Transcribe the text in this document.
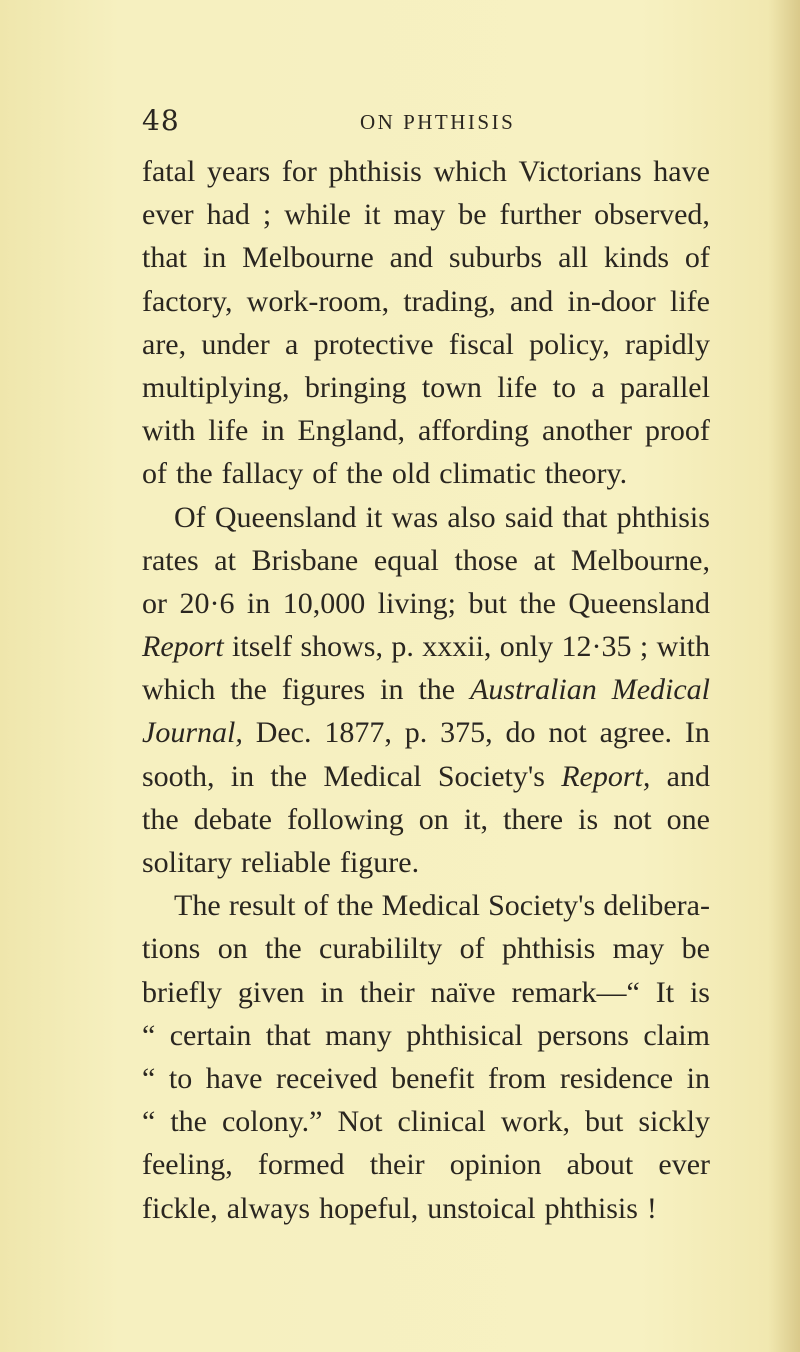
48	ON PHTHISIS
fatal years for phthisis which Victorians have
ever had ; while it may be further observed,
that in Melbourne and suburbs all kinds of
factory, work-room, trading, and in-door life
are, under a protective fiscal policy, rapidly
multiplying, bringing town life to a parallel
with life in England, affording another proof
of the fallacy of the old climatic theory.
Of Queensland it was also said that phthisis
rates at Brisbane equal those at Melbourne,
or 20·6 in 10,000 living; but the Queensland
Report itself shows, p. xxxii, only 12·35 ; with
which the figures in the Australian Medical
Journal, Dec. 1877, p. 375, do not agree. In
sooth, in the Medical Society's Report, and
the debate following on it, there is not one
solitary reliable figure.
The result of the Medical Society's delibera-
tions on the curabililty of phthisis may be
briefly given in their naïve remark—“ It is
“ certain that many phthisical persons claim
“ to have received benefit from residence in
“ the colony.” Not clinical work, but sickly
feeling, formed their opinion about ever
fickle, always hopeful, unstoical phthisis !
